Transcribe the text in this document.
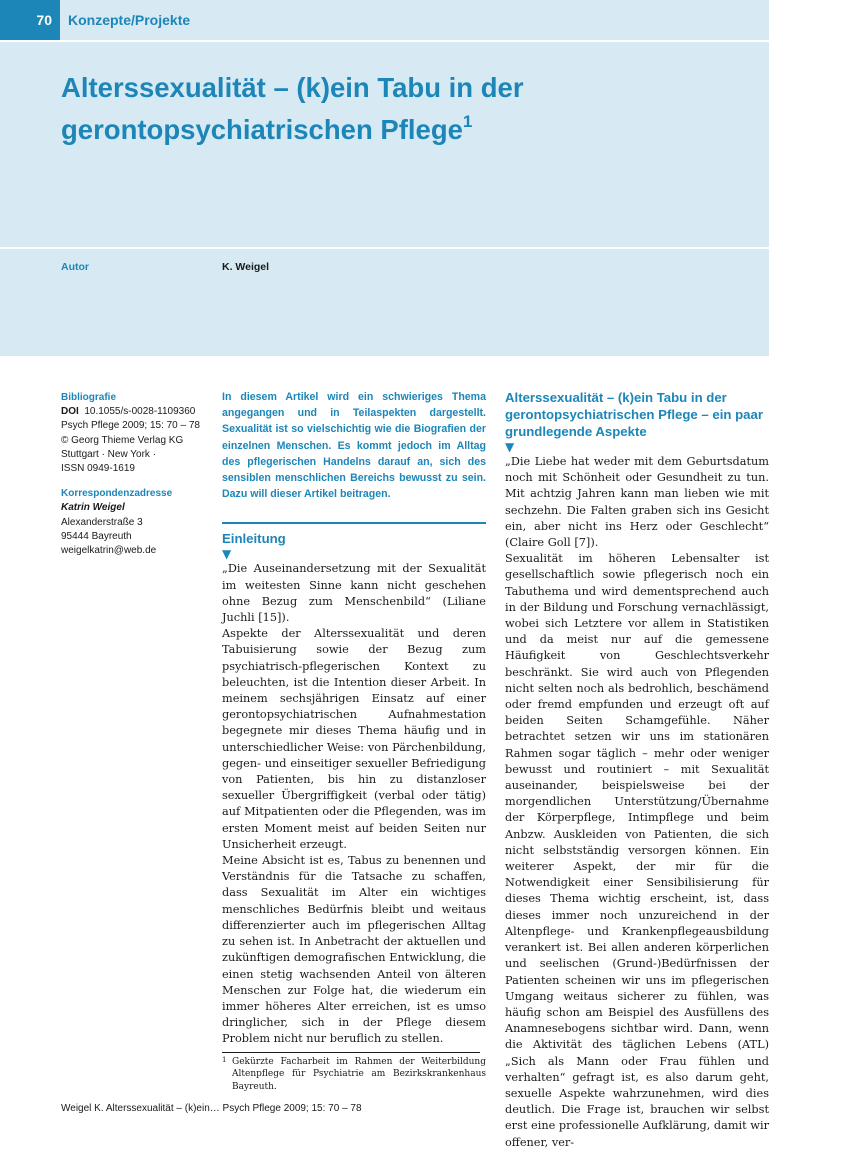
70	Konzepte/Projekte
Alterssexualität – (k)ein Tabu in der
gerontopsychiatrischen Pflege$^1$
Autor	K. Weigel
Bibliografie
DOI 10.1055/s-0028-1109360
Psych Pflege 2009; 15: 70 – 78
© Georg Thieme Verlag KG
Stuttgart · New York ·
ISSN 0949-1619
Korrespondenzadresse
Katrin Weigel
Alexanderstraße 3
95444 Bayreuth
weigelkatrin@web.de

In diesem Artikel wird ein schwieriges Thema angegangen und in Teilaspekten dargestellt. Sexualität ist so vielschichtig wie die Biografien der einzelnen Menschen. Es kommt jedoch im Alltag des pflegerischen Handelns darauf an, sich des sensiblen menschlichen Bereichs bewusst zu sein. Dazu will dieser Artikel beitragen.

Einleitung
▼

„Die Auseinandersetzung mit der Sexualität im weitesten Sinne kann nicht geschehen ohne Bezug zum Menschenbild“ (Liliane Juchli [15]).

Aspekte der Alterssexualität und deren Tabuisierung sowie der Bezug zum psychiatrisch-pflegerischen Kontext zu beleuchten, ist die Intention dieser Arbeit. In meinem sechsjährigen Einsatz auf einer gerontopsychiatrischen Aufnahmestation begegnete mir dieses Thema häufig und in unterschiedlicher Weise: von Pärchenbildung, gegen- und einseitiger sexueller Befriedigung von Patienten, bis hin zu distanzloser sexueller Übergriffigkeit (verbal oder tätig) auf Mitpatienten oder die Pflegenden, was im ersten Moment meist auf beiden Seiten nur Unsicherheit erzeugt.

Meine Absicht ist es, Tabus zu benennen und Verständnis für die Tatsache zu schaffen, dass Sexualität im Alter ein wichtiges menschliches Bedürfnis bleibt und weitaus differenzierter auch im pflegerischen Alltag zu sehen ist. In Anbetracht der aktuellen und zukünftigen demografischen Entwicklung, die einen stetig wachsenden Anteil von älteren Menschen zur Folge hat, die wiederum ein immer höheres Alter erreichen, ist es umso dringlicher, sich in der Pflege diesem Problem nicht nur beruflich zu stellen.

1 Gekürzte Facharbeit im Rahmen der Weiterbildung Altenpflege für Psychiatrie am Bezirkskrankenhaus Bayreuth.
Alterssexualität – (k)ein Tabu in der gerontopsychiatrischen Pflege – ein paar grundlegende Aspekte
▼

„Die Liebe hat weder mit dem Geburtsdatum noch mit Schönheit oder Gesundheit zu tun. Mit achtzig Jahren kann man lieben wie mit sechzehn. Die Falten graben sich ins Gesicht ein, aber nicht ins Herz oder Geschlecht“ (Claire Goll [7]).

Sexualität im höheren Lebensalter ist gesellschaftlich sowie pflegerisch noch ein Tabuthema und wird dementsprechend auch in der Bildung und Forschung vernachlässigt, wobei sich Letztere vor allem in Statistiken und da meist nur auf die gemessene Häufigkeit von Geschlechtsverkehr beschränkt. Sie wird auch von Pflegenden nicht selten noch als bedrohlich, beschämend oder fremd empfunden und erzeugt oft auf beiden Seiten Schamgefühle. Näher betrachtet setzen wir uns im stationären Rahmen sogar täglich – mehr oder weniger bewusst und routiniert – mit Sexualität auseinander, beispielsweise bei der morgendlichen Unterstützung/Übernahme der Körperpflege, Intimpflege und beim Anbzw. Auskleiden von Patienten, die sich nicht selbstständig versorgen können. Ein weiterer Aspekt, der mir für die Notwendigkeit einer Sensibilisierung für dieses Thema wichtig erscheint, ist, dass dieses immer noch unzureichend in der Altenpflege- und Krankenpflegeausbildung verankert ist. Bei allen anderen körperlichen und seelischen (Grund-)Bedürfnissen der Patienten scheinen wir uns im pflegerischen Umgang weitaus sicherer zu fühlen, was häufig schon am Beispiel des Ausfüllens des Anamnesebogens sichtbar wird. Dann, wenn die Aktivität des täglichen Lebens (ATL) „Sich als Mann oder Frau fühlen und verhalten“ gefragt ist, es also darum geht, sexuelle Aspekte wahrzunehmen, wird dies deutlich. Die Frage ist, brauchen wir selbst erst eine professionelle Aufklärung, damit wir offener, ver-

Weigel K. Alterssexualität – (k)ein… Psych Pflege 2009; 15: 70 – 78
